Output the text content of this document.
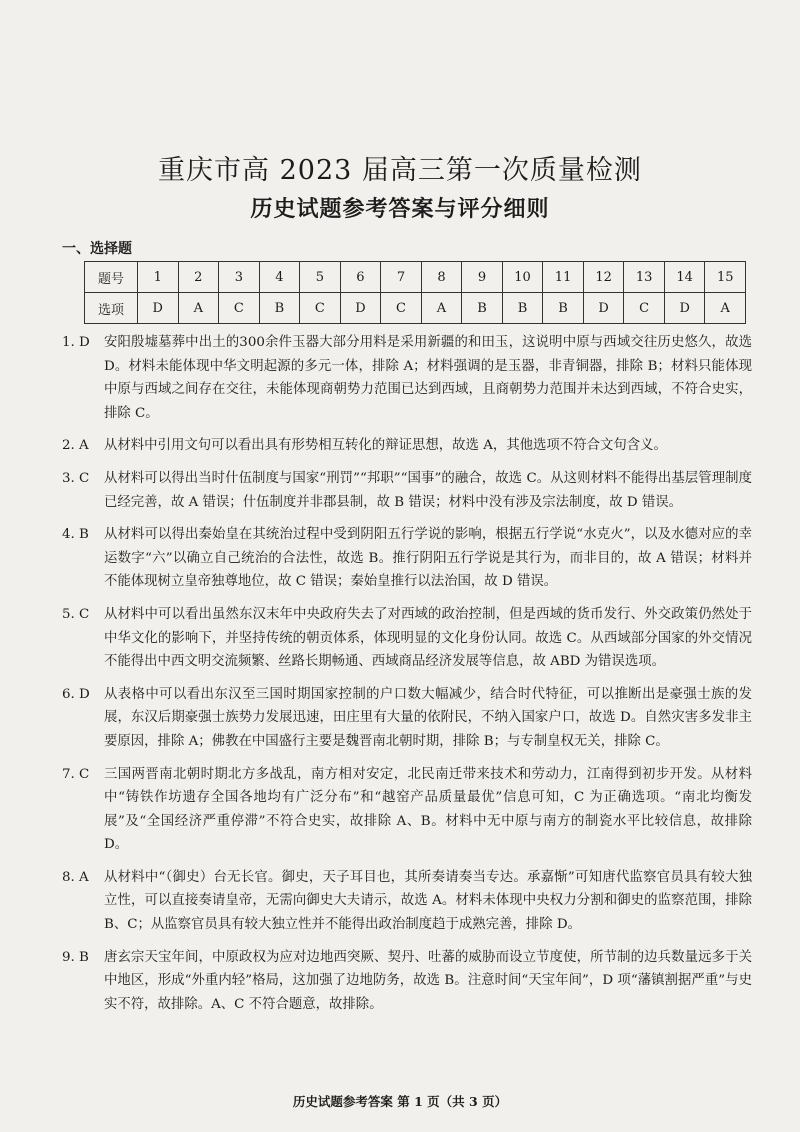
重庆市高 2023 届高三第一次质量检测
历史试题参考答案与评分细则
一、选择题
题号	1	2	3	4	5	6	7	8	9	10	11	12	13	14	15
选项	D	A	C	B	C	D	C	A	B	B	B	D	C	D	A
1. D	安阳殷墟墓葬中出土的300余件玉器大部分用料是采用新疆的和田玉，这说明中原与西域交往历史悠久，故选 D。材料未能体现中华文明起源的多元一体，排除 A；材料强调的是玉器，非青铜器，排除 B；材料只能体现中原与西域之间存在交往，未能体现商朝势力范围已达到西域，且商朝势力范围并未达到西域，不符合史实，排除 C。
2. A	从材料中引用文句可以看出具有形势相互转化的辩证思想，故选 A，其他选项不符合文句含义。
3. C	从材料可以得出当时什伍制度与国家“刑罚”“邦职”“国事”的融合，故选 C。从这则材料不能得出基层管理制度已经完善，故 A 错误；什伍制度并非郡县制，故 B 错误；材料中没有涉及宗法制度，故 D 错误。
4. B	从材料可以得出秦始皇在其统治过程中受到阴阳五行学说的影响，根据五行学说“水克火”，以及水德对应的幸运数字“六”以确立自己统治的合法性，故选 B。推行阴阳五行学说是其行为，而非目的，故 A 错误；材料并不能体现树立皇帝独尊地位，故 C 错误；秦始皇推行以法治国，故 D 错误。
5. C	从材料中可以看出虽然东汉末年中央政府失去了对西域的政治控制，但是西域的货币发行、外交政策仍然处于中华文化的影响下，并坚持传统的朝贡体系，体现明显的文化身份认同。故选 C。从西域部分国家的外交情况不能得出中西文明交流频繁、丝路长期畅通、西域商品经济发展等信息，故 ABD 为错误选项。
6. D	从表格中可以看出东汉至三国时期国家控制的户口数大幅减少，结合时代特征，可以推断出是豪强士族的发展，东汉后期豪强士族势力发展迅速，田庄里有大量的依附民，不纳入国家户口，故选 D。自然灾害多发非主要原因，排除 A；佛教在中国盛行主要是魏晋南北朝时期，排除 B；与专制皇权无关，排除 C。
7. C	三国两晋南北朝时期北方多战乱，南方相对安定，北民南迁带来技术和劳动力，江南得到初步开发。从材料中“铸铁作坊遗存全国各地均有广泛分布”和“越窑产品质量最优”信息可知，C 为正确选项。“南北均衡发展”及“全国经济严重停滞”不符合史实，故排除 A、B。材料中无中原与南方的制瓷水平比较信息，故排除 D。
8. A	从材料中“（御史）台无长官。御史，天子耳目也，其所奏请奏当专达。承嘉惭”可知唐代监察官员具有较大独立性，可以直接奏请皇帝，无需向御史大夫请示，故选 A。材料未体现中央权力分割和御史的监察范围，排除 B、C；从监察官员具有较大独立性并不能得出政治制度趋于成熟完善，排除 D。
9. B	唐玄宗天宝年间，中原政权为应对边地西突厥、契丹、吐蕃的威胁而设立节度使，所节制的边兵数量远多于关中地区，形成“外重内轻”格局，这加强了边地防务，故选 B。注意时间“天宝年间”，D 项“藩镇割据严重”与史实不符，故排除。A、C 不符合题意，故排除。
历史试题参考答案 第 1 页（共 3 页）
